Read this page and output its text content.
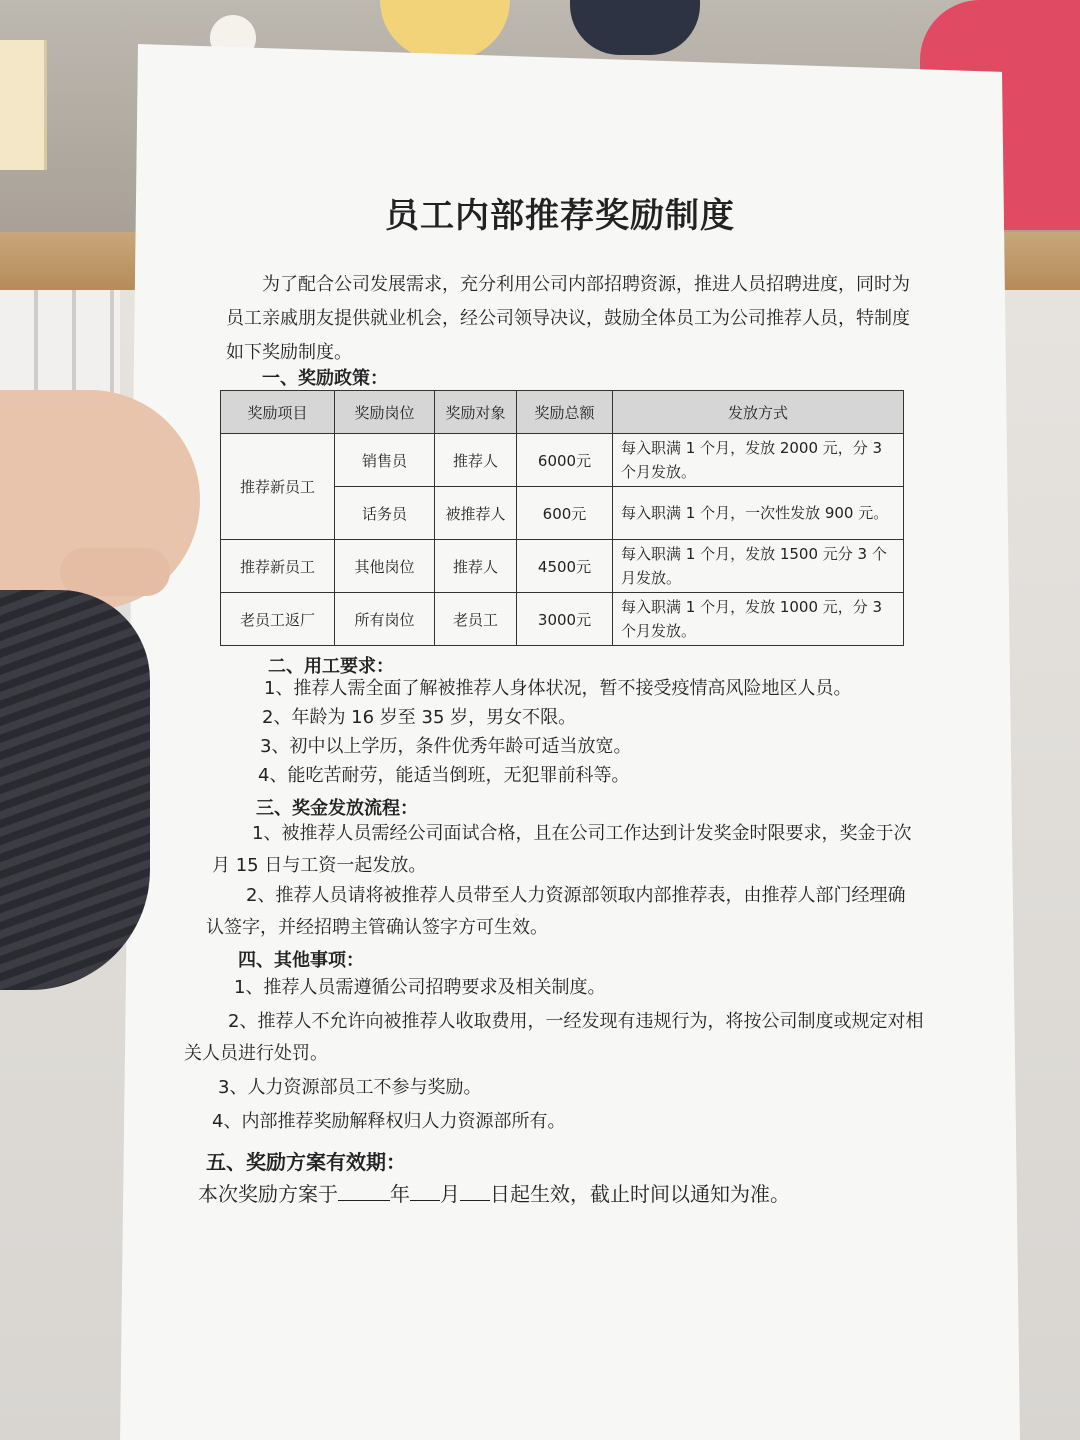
员工内部推荐奖励制度
为了配合公司发展需求，充分利用公司内部招聘资源，推进人员招聘进度，同时为员工亲戚朋友提供就业机会，经公司领导决议，鼓励全体员工为公司推荐人员，特制度如下奖励制度。
一、奖励政策：
奖励项目	奖励岗位	奖励对象	奖励总额	发放方式
推荐新员工	销售员	推荐人	6000元	每入职满 1 个月，发放 2000 元，分 3 个月发放。
	话务员	被推荐人	600元	每入职满 1 个月，一次性发放 900 元。
推荐新员工	其他岗位	推荐人	4500元	每入职满 1 个月，发放 1500 元分 3 个月发放。
老员工返厂	所有岗位	老员工	3000元	每入职满 1 个月，发放 1000 元，分 3 个月发放。
二、用工要求：
1、推荐人需全面了解被推荐人身体状况，暂不接受疫情高风险地区人员。
2、年龄为 16 岁至 35 岁，男女不限。
3、初中以上学历，条件优秀年龄可适当放宽。
4、能吃苦耐劳，能适当倒班，无犯罪前科等。
三、奖金发放流程：
1、被推荐人员需经公司面试合格，且在公司工作达到计发奖金时限要求，奖金于次月 15 日与工资一起发放。
2、推荐人员请将被推荐人员带至人力资源部领取内部推荐表，由推荐人部门经理确认签字，并经招聘主管确认签字方可生效。
四、其他事项：
1、推荐人员需遵循公司招聘要求及相关制度。
2、推荐人不允许向被推荐人收取费用，一经发现有违规行为，将按公司制度或规定对相关人员进行处罚。
3、人力资源部员工不参与奖励。
4、内部推荐奖励解释权归人力资源部所有。
五、奖励方案有效期：
本次奖励方案于	年 月 日起生效，截止时间以通知为准。
